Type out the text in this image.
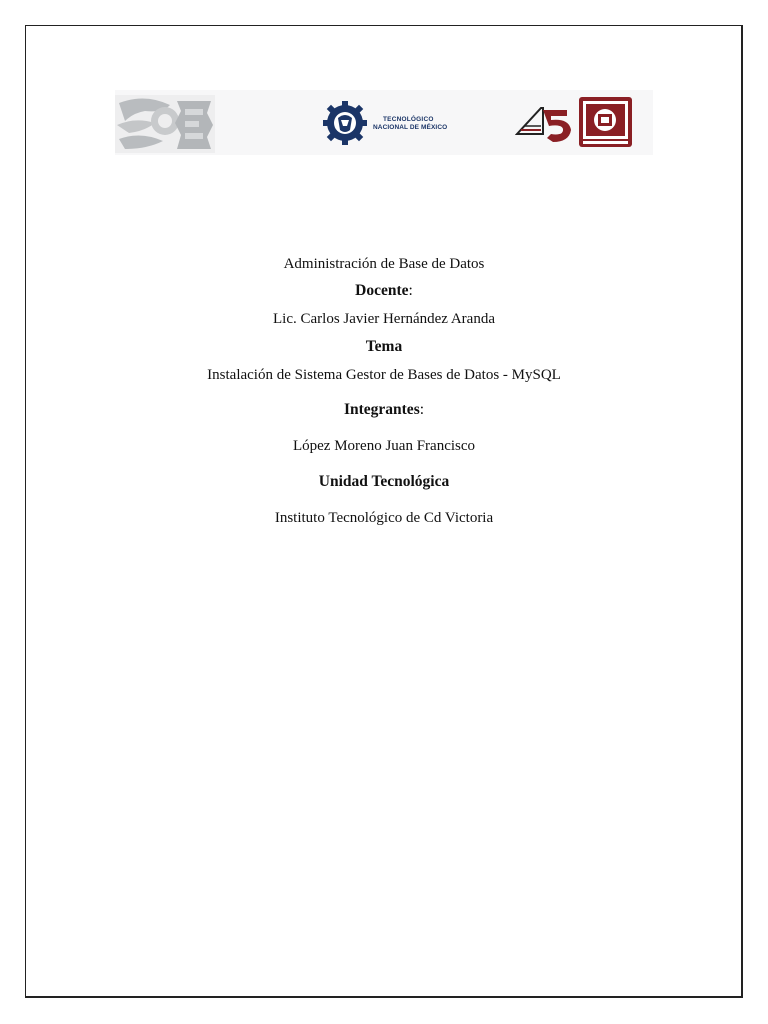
TECNOLÓGICO
NACIONAL DE MÉXICO
Administración de Base de Datos
Docente:
Lic. Carlos Javier Hernández Aranda
Tema
Instalación de Sistema Gestor de Bases de Datos - MySQL
Integrantes:
López Moreno Juan Francisco
Unidad Tecnológica
Instituto Tecnológico de Cd Victoria
